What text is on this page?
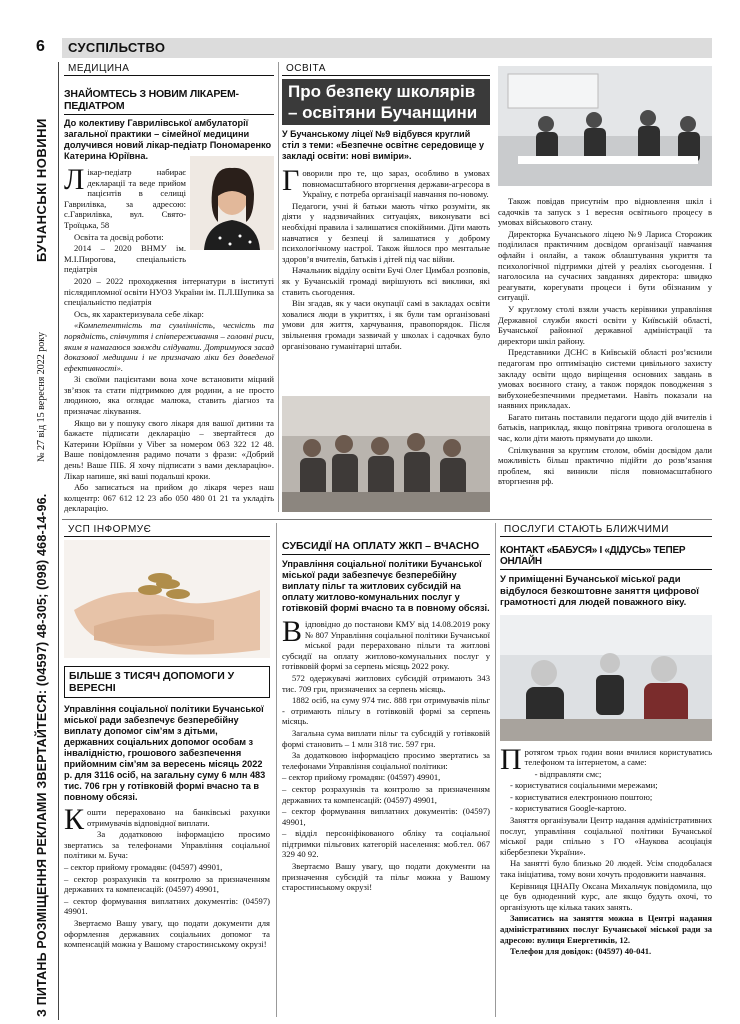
6	СУСПІЛЬСТВО
БУЧАНСЬКІ НОВИНИ
№ 27 від 15 вересня 2022 року
З ПИТАНЬ РОЗМІЩЕННЯ РЕКЛАМИ ЗВЕРТАЙТЕСЯ: (04597) 48-305; (098) 468-14-96.
МЕДИЦИНА
ЗНАЙОМТЕСЬ З НОВИМ ЛІКАРЕМ-ПЕДІАТРОМ
До колективу Гаврилівської амбулаторії загальної практики – сімейної медицини долучився новий лікар-педіатр Пономаренко Катерина Юріївна.

Лікар-педіатр набирає декларації та веде прийом пацієнтів в селищі Гаврилівка, за адресою: с.Гаврилівка, вул. Свято-Троїцька, 58

Освіта та досвід роботи:

2014 – 2020 ВНМУ ім. М.І.Пирогова, спеціальність педіатрія

2020 – 2022 проходження інтернатури в інституті післядипломної освіти НУОЗ України ім. П.Л.Шупика за спеціальністю педіатрія

Ось, як характеризувала себе лікар:

«Компетентність та сумлінність, чесність та порядність, співчуття і співпереживання – головні риси, яким я намагаюся завжди слідувати. Дотримуюся засад доказової медицини і не призначаю ліки без доведеної ефективності».

Зі своїми пацієнтами вона хоче встановити міцний зв’язок та стати підтримкою для родини, а не просто людиною, яка оглядає малюка, ставить діагноз та призначає лікування.

Якщо ви у пошуку свого лікаря для вашої дитини та бажаєте підписати декларацію – звертайтеся до Катерини Юріївни у Viber за номером 063 322 12 48. Ваше повідомлення радимо почати з фрази: «Добрий день! Ваше ПІБ. Я хочу підписати з вами декларацію». Лікар напише, які ваші подальші кроки.

Або записаться на прийом до лікаря через наш колцентр: 067 612 12 23 або 050 480 01 21 та укладіть декларацію.

ОСВІТА
Про безпеку школярів – освітяни Бучанщини
У Бучанському ліцеї №9 відбувся круглий стіл з теми: «Безпечне освітнє середовище у закладі освіти: нові виміри».

Говорили про те, що зараз, особливо в умовах повномасштабного вторгнення держави-агресора в Україну, є потреба організації навчання по-новому.

Педагоги, учні й батьки мають чітко розуміти, як діяти у надзвичайних ситуаціях, виконувати всі необхідні правила і залишатися спокійними. Діти мають навчатися у безпеці й залишатися у доброму психологічному настрої. Також йшлося про ментальне здоров’я вчителів, батьків і дітей під час війни.

Начальник відділу освіти Бучі Олег Цимбал розповів, як у Бучанській громаді вирішують всі виклики, які ставить сьогодення.

Він згадав, як у часи окупації самі в закладах освіти ховалися люди в укриттях, і як були там організовані умови для життя, харчування, правопорядок. Після звільнення громади зазвичай у школах і садочках було організовано гуманітарні штаби.

Також повідав присутнім про відновлення шкіл і садочків та запуск з 1 вересня освітнього процесу в умовах військового стану.

Директорка Бучанського ліцею №9 Лариса Сторожик поділилася практичним досвідом організації навчання офлайн і онлайн, а також облаштування укриття та психологічної підтримки дітей у реаліях сьогодення. І наголосила на сучасних завданнях директора: швидко реагувати, корегувати процеси і бути обізнаним у ситуації.

У круглому столі взяли участь керівники управління Державної служби якості освіти у Київській області, Бучанської районної державної адміністрації та директори шкіл району.

Представники ДСНС в Київській області розʼяснили педагогам про оптимізацію системи цивільного захисту закладу освіти щодо виріщення основних завдань в умовах воєнного стану, а також порядок поводження з вибухонебезпечними предметами. Навіть показали на наявних прикладах.

Багато питань поставили педагоги щодо дій вчителів і батьків, наприклад, якщо повітряна тривога оголошена в час, коли діти мають прямувати до школи.

Спілкування за круглим столом, обмін досвідом дали можливість більш практично підійти до розвʼязання проблем, які виникли після повномасштабного вторгнення рф.

УСП ІНФОРМУЄ
БІЛЬШЕ 3 ТИСЯЧ ДОПОМОГИ У ВЕРЕСНІ
Управління соціальної політики Бучанської міської ради забезпечує безперебійну виплату допомог сім’ям з дітьми, державних соціальних допомог особам з інвалідністю, грошового забезпечення прийомним сім’ям за вересень місяць 2022 р. для 3116 осіб, на загальну суму 6 млн 483 тис. 706 грн у готівковій формі вчасно та в повному обсязі.

Кошти перераховано на банківські рахунки отримувачів відповідної виплати.

За додатковою інформацією просимо звертатись за телефонами Управління соціальної політики м. Буча:

– сектор прийому громадян: (04597) 49901,

– сектор розрахунків та контролю за призначенням державних та компенсацій: (04597) 49901,

– сектор формування виплатних документів: (04597) 49901.

Звертаємо Вашу увагу, що подати документи для оформлення державних соціальних допомог та компенсацій можна у Вашому старостинському окрузі!

СУБСИДІЇ НА ОПЛАТУ ЖКП – ВЧАСНО
Управління соціальної політики Бучанської міської ради забезпечує безперебійну виплату пільг та житлових субсидій на оплату житлово-комунальних послуг у готівковій формі вчасно та в повному обсязі.

Відповідно до постанови КМУ від 14.08.2019 року № 807 Управління соціальної політики Бучанської міської ради перераховано пільги та житлові субсидії на оплату житлово-комунальних послуг у готівковій формі за серпень місяць 2022 року.

572 одержувачі житлових субсидій отримають 343 тис. 709 грн, призначених за серпень місяць.

1882 осіб, на суму 974 тис. 888 грн отримувачів пільг - отримають пільгу в готівковій формі за серпень місяць.

Загальна сума виплати пільг та субсидій у готівковій формі становить – 1 млн 318 тис. 597 грн.

За додатковою інформацією просимо звертатись за телефонами Управління соціальної політики:

– сектор прийому громадян: (04597) 49901,

– сектор розрахунків та контролю за призначенням державних та компенсацій: (04597) 49901,

– сектор формування виплатних документів: (04597) 49901,

– відділ персоніфікованого обліку та соціальної підтримки пільгових категорій населення: моб.тел. 067 329 40 92.

Звертаємо Вашу увагу, що подати документи на призначення субсидій та пільг можна у Вашому старостинському окрузі!

ПОСЛУГИ СТАЮТЬ БЛИЖЧИМИ
КОНТАКТ «БАБУСЯ» І «ДІДУСЬ» ТЕПЕР ОНЛАЙН
У приміщенні Бучанської міської ради відбулося безкоштовне заняття цифрової грамотності для людей поважного віку.

Протягом трьох годин вони вчилися користуватись телефоном та інтернетом, а саме:

- відправляти смс;

- користуватися соціальними мережами;

- користуватися електронною поштою;

- користуватися Google-картою.

Заняття організували Центр надання адміністративних послуг, управління соціальної політики Бучанської міської ради спільно з ГО «Наукова асоціація кібербезпеки України».

На занятті було близько 20 людей. Усім сподобалася така ініціатива, тому вони хочуть продовжити навчання.

Керівниця ЦНАПу Оксана Михальчук повідомила, що це був одноденний курс, але якщо будуть охочі, то організують ще кілька таких занять.

Записатись на заняття можна в Центрі надання адміністративних послуг Бучанської міської ради за адресою: вулиця Енергетиків, 12.

Телефон для довідок: (04597) 40-041.
